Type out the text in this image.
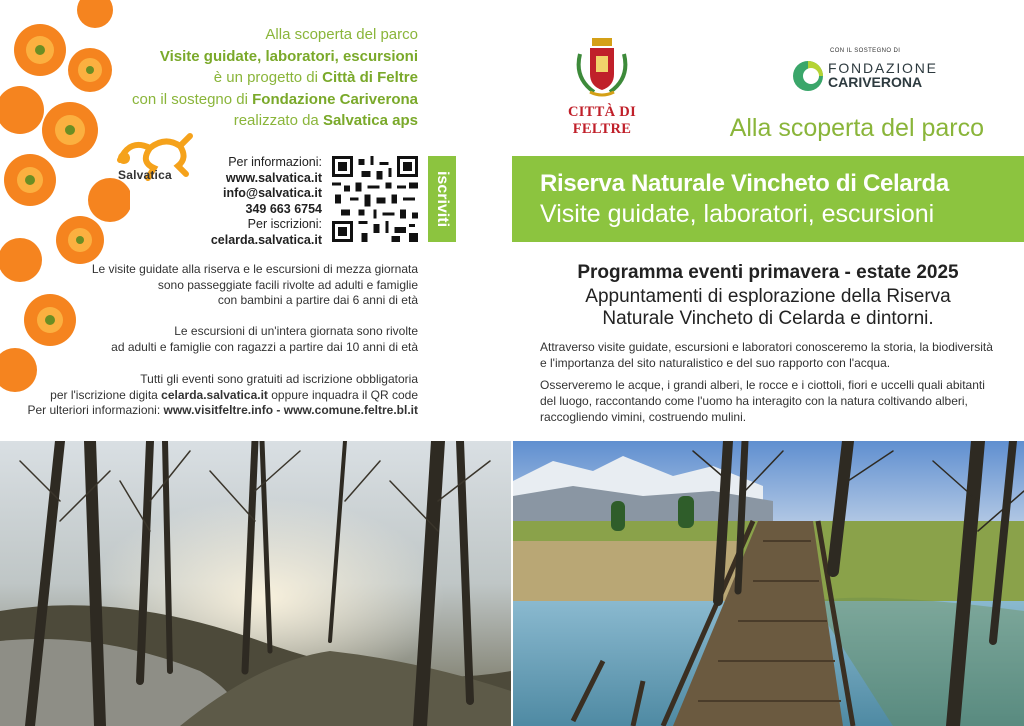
Alla scoperta del parco
Visite guidate, laboratori, escursioni
è un progetto di Città di Feltre
con il sostegno di Fondazione Cariverona
realizzato da Salvatica aps
Salvatica
Per informazioni:
www.salvatica.it
info@salvatica.it
349 663 6754
Per iscrizioni:
celarda.salvatica.it
iscriviti
Le visite guidate alla riserva e le escursioni di mezza giornata
sono passeggiate facili rivolte ad adulti e famiglie
con bambini a partire dai 6 anni di età
Le escursioni di un'intera giornata sono rivolte
ad adulti e famiglie con ragazzi a partire dai 10 anni di età
Tutti gli eventi sono gratuiti ad iscrizione obbligatoria
per l'iscrizione digita celarda.salvatica.it oppure inquadra il QR code
Per ulteriori informazioni: www.visitfeltre.info - www.comune.feltre.bl.it
CITTÀ DI FELTRE
CON IL SOSTEGNO DI
FONDAZIONE
CARIVERONA
Alla scoperta del parco
Riserva Naturale Vincheto di Celarda
Visite guidate, laboratori, escursioni
Programma eventi primavera - estate 2025
Appuntamenti di esplorazione della Riserva
Naturale Vincheto di Celarda e dintorni.
Attraverso visite guidate, escursioni e laboratori conosceremo la storia, la biodiversità e l'importanza del sito naturalistico e del suo rapporto con l'acqua.
Osserveremo le acque, i grandi alberi, le rocce e i ciottoli, fiori e uccelli quali abitanti del luogo, raccontando come l'uomo ha interagito con la natura coltivando alberi, raccogliendo vimini, costruendo mulini.
